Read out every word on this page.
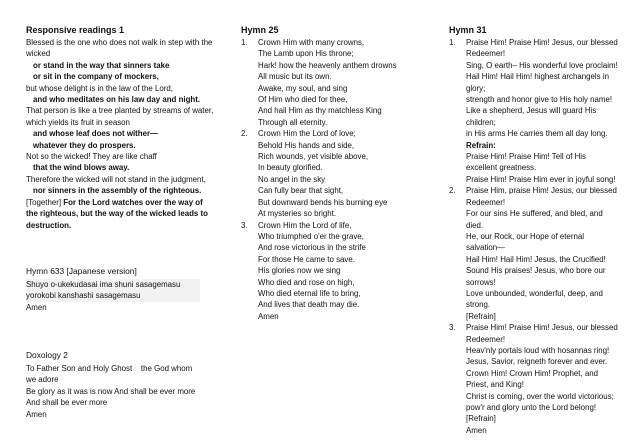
Responsive readings 1
Blessed is the one who does not walk in step with the
wicked
or stand in the way that sinners take
or sit in the company of mockers,
but whose delight is in the law of the Lord,
and who meditates on his law day and night.
That person is like a tree planted by streams of water,
which yields its fruit in season
and whose leaf does not wither—
whatever they do prospers.
Not so the wicked! They are like chaff
that the wind blows away.
Therefore the wicked will not stand in the judgment,
nor sinners in the assembly of the righteous.
[Together] For the Lord watches over the way of the righteous, but the way of the wicked leads to destruction.
Hymn 633 [Japanese version]
Shuyo o-ukekudasai ima shuni sasagemasu
yorokobi kanshashi sasagemasu
Amen
Doxology 2
To Father Son and Holy Ghost    the God whom
we adore
Be glory as it was is now And shall be ever more
And shall be ever more
Amen
Hymn 25
1.	Crown Him with many crowns,
The Lamb upon His throne;
Hark! how the heavenly anthem drowns
All music but its own.
Awake, my soul, and sing
Of Him who died for thee,
And hail Him as thy matchless King
Through all eternity.
2.	Crown Him the Lord of love;
Behold His hands and side,
Rich wounds, yet visible above,
In beauty glorified.
No angel in the sky
Can fully bear that sight,
But downward bends his burning eye
At mysteries so bright.
3.	Crown Him the Lord of life,
Who triumphed o'er the grave,
And rose victorious in the strife
For those He came to save.
His glories now we sing
Who died and rose on high,
Who died eternal life to bring,
And lives that death may die.
Amen
Hymn 31
1.	Praise Him! Praise Him! Jesus, our blessed
Redeemer!
Sing, O earth– His wonderful love proclaim!
Hail Him! Hail Him! highest archangels in
glory;
strength and honor give to His holy name!
Like a shepherd, Jesus will guard His
children;
in His arms He carries them all day long.
Refrain:
Praise Him! Praise Him! Tell of His
excellent greatness.
Praise Him! Praise Him ever in joyful song!
2.	Praise Him, praise Him! Jesus, our blessed
Redeemer!
For our sins He suffered, and bled, and
died.
He, our Rock, our Hope of eternal
salvation—
Hail Him! Hail Him! Jesus, the Crucified!
Sound His praises! Jesus, who bore our
sorrows!
Love unbounded, wonderful, deep, and
strong.
[Refrain]
3.	Praise Him! Praise Him! Jesus, our blessed
Redeemer!
Heav'nly portals loud with hosannas ring!
Jesus, Savior, reigneth forever and ever.
Crown Him! Crown Him! Prophet, and
Priest, and King!
Christ is coming, over the world victorious;
pow'r and glory unto the Lord belong!
[Refrain]
Amen
